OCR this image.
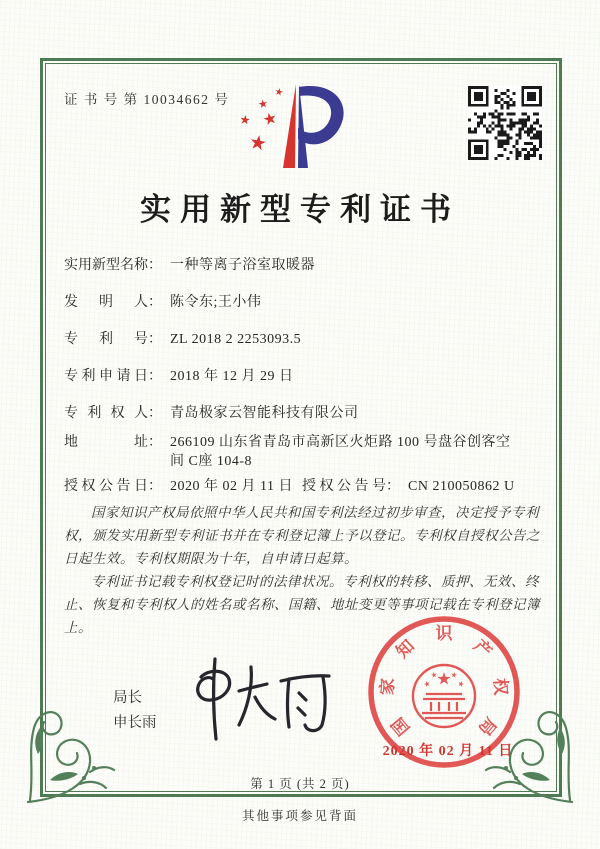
证 书 号 第 10034662 号
实用新型专利证书
实用新型名称： 一种等离子浴室取暖器
发明人： 陈令东;王小伟
专利号： ZL 2018 2 2253093.5
专利申请日： 2018 年 12 月 29 日
专利权人： 青岛极家云智能科技有限公司
地址： 266109 山东省青岛市高新区火炬路 100 号盘谷创客空间 C座 104-8
授权公告日： 2020 年 02 月 11 日 授权公告号： CN 210050862 U

国家知识产权局依照中华人民共和国专利法经过初步审查，决定授予专利权，颁发实用新型专利证书并在专利登记簿上予以登记。专利权自授权公告之日起生效。专利权期限为十年，自申请日起算。

专利证书记载专利权登记时的法律状况。专利权的转移、质押、无效、终止、恢复和专利权人的姓名或名称、国籍、地址变更等事项记载在专利登记簿上。

局长
申长雨	国
家
知
识
产
权
局
2020 年 02 月 11 日
第 1 页 (共 2 页)
其他事项参见背面
